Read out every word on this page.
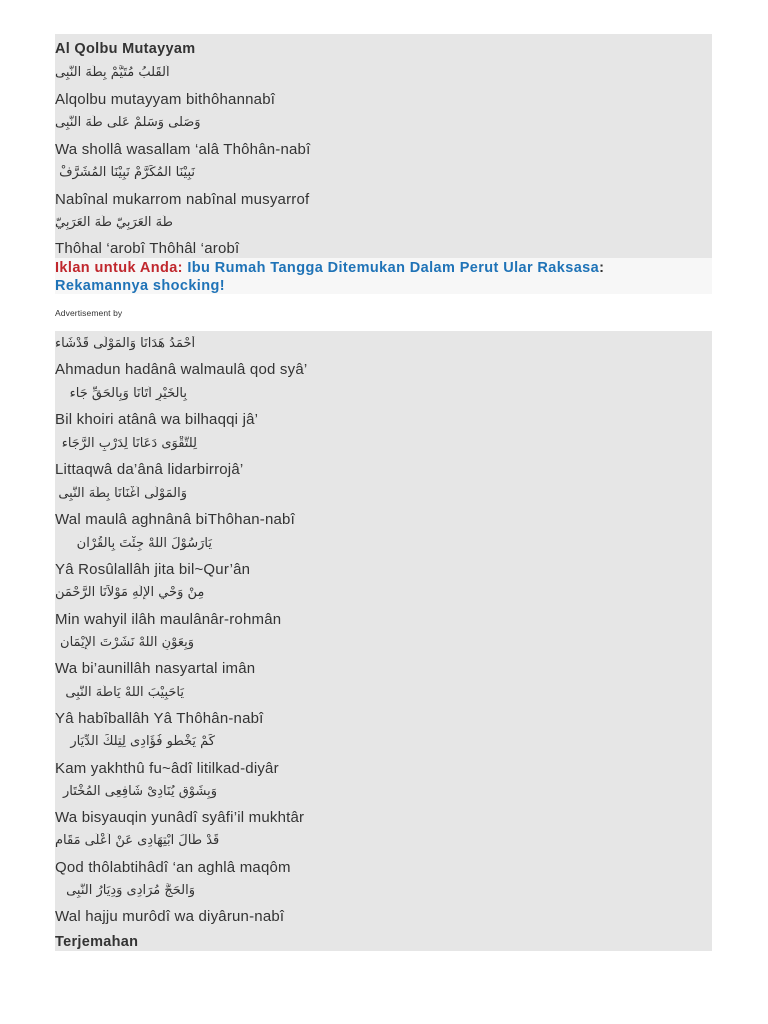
Al Qolbu Mutayyam
اَلقَلْبُ مُتَيَّمْ بِطَهَ النَّبِى
Alqolbu mutayyam bithôhannabî
وَصَلَّى وَسَلَّمْ عَلى طَهَ النَّبِى
Wa shollâ wasallam ‘alâ Thôhân-nabî
نَبِيْنَا الْمُكَرَّمْ نَبِيْنَا الْمُشَرَّفْ
Nabînal mukarrom nabînal musyarrof
طَهَ العَرَبِيّ طَهَ العَرَبِيّ
Thôhal ‘arobî Thôhâl ‘arobî
Iklan untuk Anda: Ibu Rumah Tangga Ditemukan Dalam Perut Ular Raksasa:
Rekamannya shocking!
Advertisement by
أَحْمَدُ هَدَانَا وَالْمَوْلَى قَدْشَاء
Ahmadun hadânâ walmaulâ qod syâ’
بِالْخَيْرِ اَتَانَا وَبِالْحَقِّ جَاء
Bil khoiri atânâ wa bilhaqqi jâ’
لِلتَّقْوَى دَعَانَا لِدَرْبِ الرَّجَاء
Littaqwâ da’ânâ lidarbirrojâ’
وَالْمَوْلَى اَغْنَانَا بِطَهَ النَّبِى
Wal maulâ aghnânâ biThôhan-nabî
يَارَسُوْلَ اللهْ جِئْتَ بِالْقُرْآن
Yâ Rosûlallâh jita bil~Qur’ân
مِنْ وَحْيِ الْإِلَهِ مَوْلاَنَا الرَّحْمَن
Min wahyil ilâh maulânâr-rohmân
وَبِعَوْنِ اللهْ نَشَرْتَ الْإِيْمَان
Wa bi’aunillâh nasyartal imân
يَاحَبِيْبَ اللهْ يَاطَهَ النَّبِى
Yâ habîballâh Yâ Thôhân-nabî
كَمْ يَخْطُو فُؤَادِى لِتِلْكَ الدِّيَار
Kam yakhthû fu~âdî litilkad-diyâr
وَبِشَوْقٍ يُنَادِىْ شَافِعِى الْمُخْتَار
Wa bisyauqin yunâdî syâfi’il mukhtâr
قَدْ طَالَ ابْتِهَادِى عَنْ اَعْلَى مَقَام
Qod thôlabtihâdî ‘an aghlâ maqôm
وَالْحَجُّ مُرَادِى وَدِيَارُ النَّبِى
Wal hajju murôdî wa diyârun-nabî
Terjemahan
